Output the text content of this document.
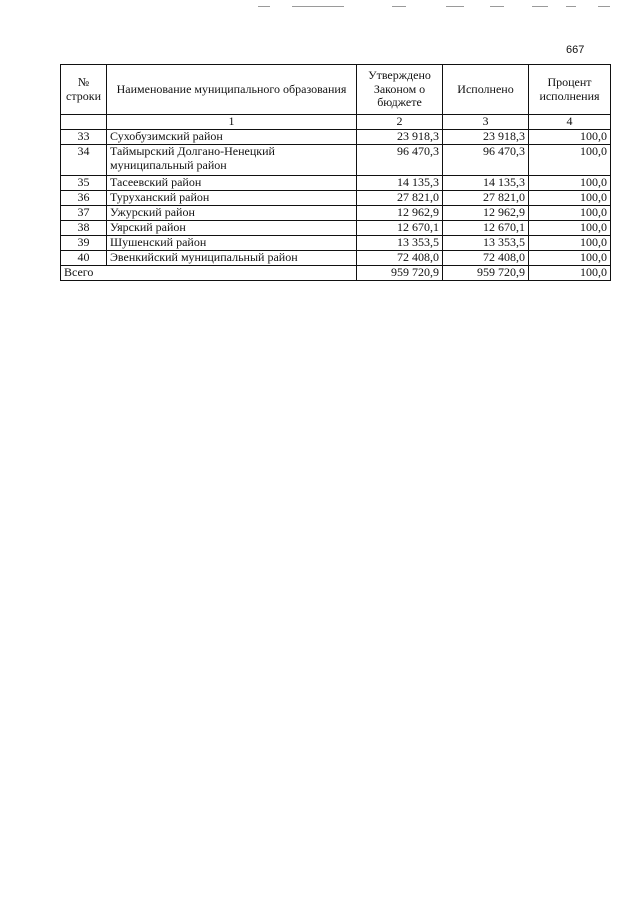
667
№ строки	Наименование муниципального образования	Утверждено Законом о бюджете	Исполнено	Процент исполнения
	1	2	3	4
33	Сухобузимский район	23 918,3	23 918,3	100,0
34	Таймырский Долгано-Ненецкий муниципальный район	96 470,3	96 470,3	100,0
35	Тасеевский район	14 135,3	14 135,3	100,0
36	Туруханский район	27 821,0	27 821,0	100,0
37	Ужурский район	12 962,9	12 962,9	100,0
38	Уярский район	12 670,1	12 670,1	100,0
39	Шушенский район	13 353,5	13 353,5	100,0
40	Эвенкийский муниципальный район	72 408,0	72 408,0	100,0
Всего		959 720,9	959 720,9	100,0
